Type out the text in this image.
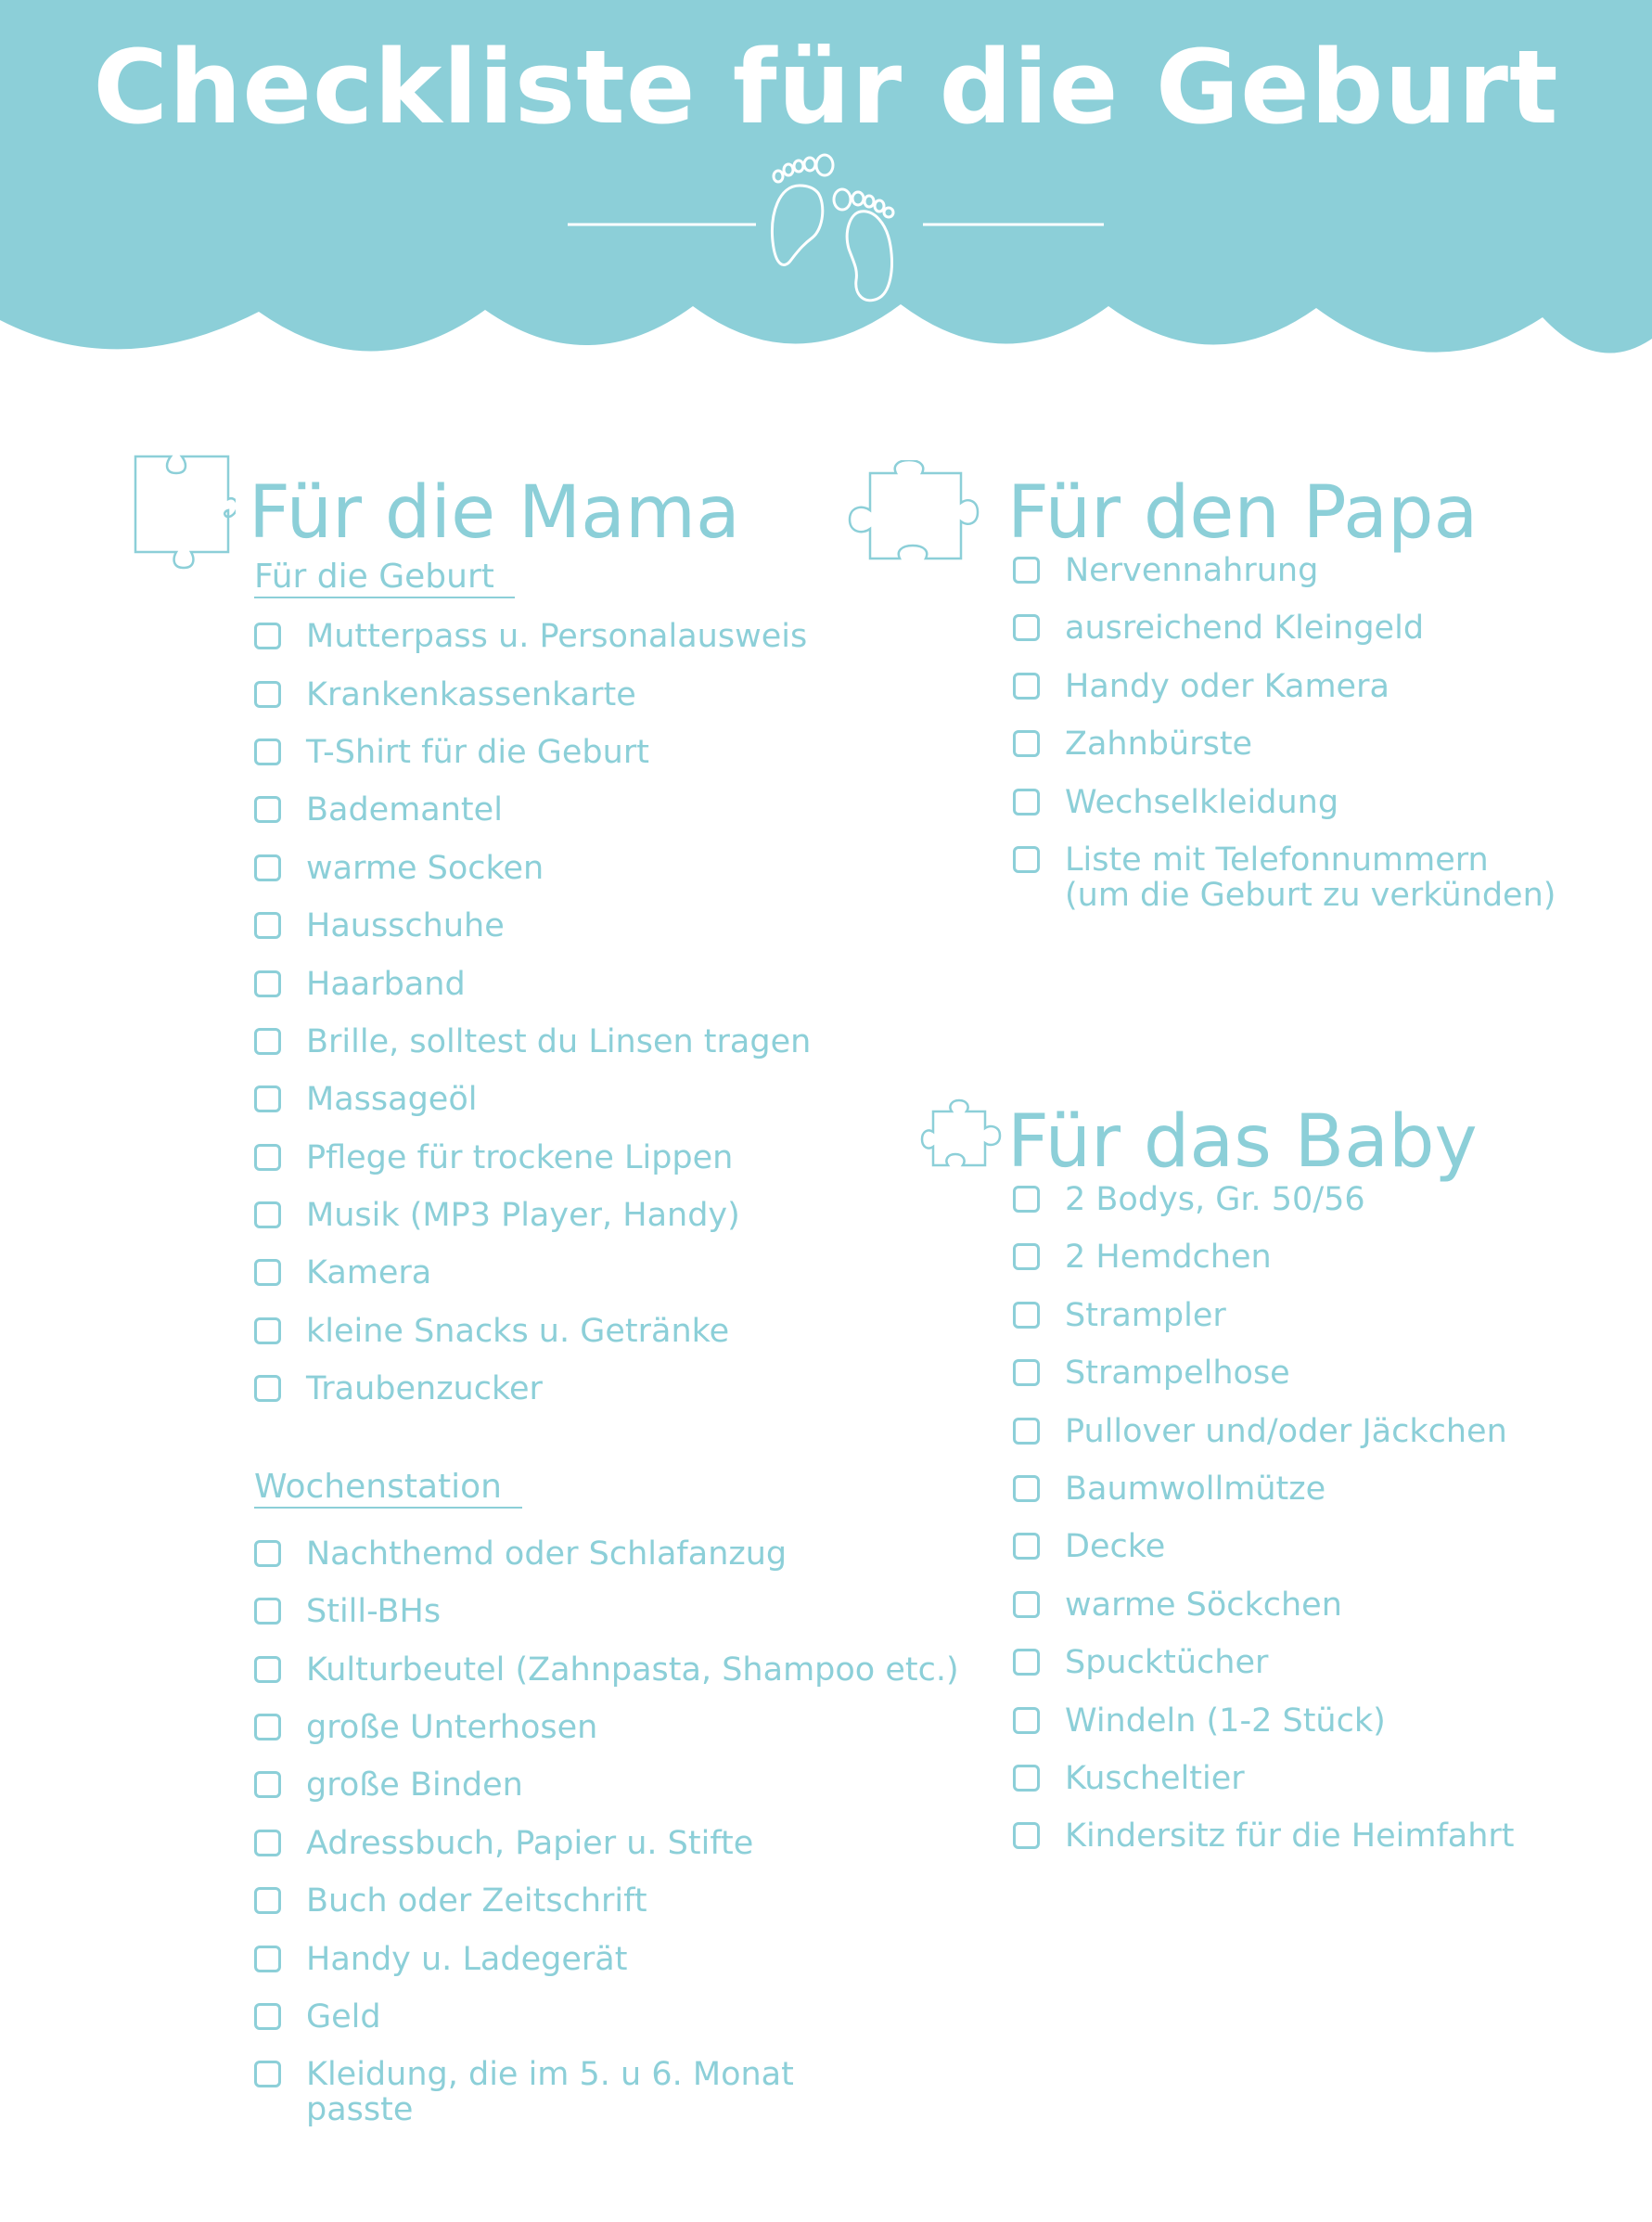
Checkliste für die Geburt
Für die Mama
Für die Geburt
Mutterpass u. Personalausweis
Krankenkassenkarte
T-Shirt für die Geburt
Bademantel
warme Socken
Hausschuhe
Haarband
Brille, solltest du Linsen tragen
Massageöl
Pflege für trockene Lippen
Musik (MP3 Player, Handy)
Kamera
kleine Snacks u. Getränke
Traubenzucker
Wochenstation
Nachthemd oder Schlafanzug
Still-BHs
Kulturbeutel (Zahnpasta, Shampoo etc.)
große Unterhosen
große Binden
Adressbuch, Papier u. Stifte
Buch oder Zeitschrift
Handy u. Ladegerät
Geld
Kleidung, die im 5. u 6. Monat
passte
Für den Papa
Nervennahrung
ausreichend Kleingeld
Handy oder Kamera
Zahnbürste
Wechselkleidung
Liste mit Telefonnummern
(um die Geburt zu verkünden)
Für das Baby
2 Bodys, Gr. 50/56
2 Hemdchen
Strampler
Strampelhose
Pullover und/oder Jäckchen
Baumwollmütze
Decke
warme Söckchen
Spucktücher
Windeln (1-2 Stück)
Kuscheltier
Kindersitz für die Heimfahrt
